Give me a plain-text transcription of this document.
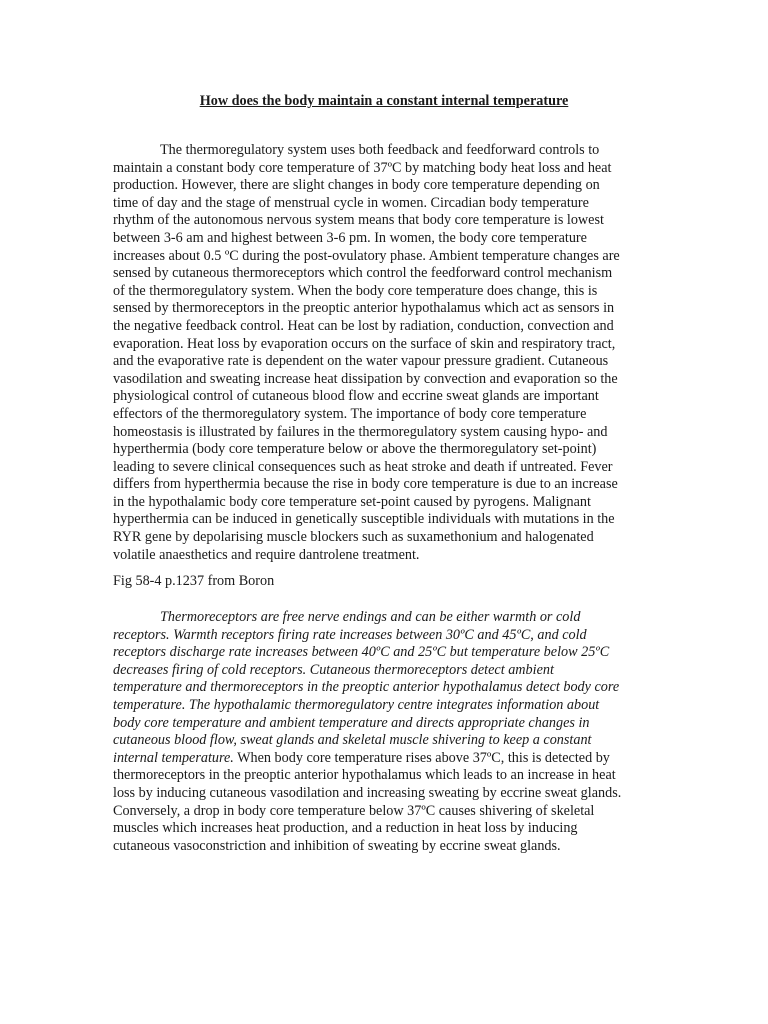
How does the body maintain a constant internal temperature
The thermoregulatory system uses both feedback and feedforward controls to
maintain a constant body core temperature of 37ºC by matching body heat loss and heat
production. However, there are slight changes in body core temperature depending on
time of day and the stage of menstrual cycle in women. Circadian body temperature
rhythm of the autonomous nervous system means that body core temperature is lowest
between 3-6 am and highest between 3-6 pm. In women, the body core temperature
increases about 0.5 ºC during the post-ovulatory phase. Ambient temperature changes are
sensed by cutaneous thermoreceptors which control the feedforward control mechanism
of the thermoregulatory system. When the body core temperature does change, this is
sensed by thermoreceptors in the preoptic anterior hypothalamus which act as sensors in
the negative feedback control. Heat can be lost by radiation, conduction, convection and
evaporation. Heat loss by evaporation occurs on the surface of skin and respiratory tract,
and the evaporative rate is dependent on the water vapour pressure gradient. Cutaneous
vasodilation and sweating increase heat dissipation by convection and evaporation so the
physiological control of cutaneous blood flow and eccrine sweat glands are important
effectors of the thermoregulatory system. The importance of body core temperature
homeostasis is illustrated by failures in the thermoregulatory system causing hypo- and
hyperthermia (body core temperature below or above the thermoregulatory set-point)
leading to severe clinical consequences such as heat stroke and death if untreated. Fever
differs from hyperthermia because the rise in body core temperature is due to an increase
in the hypothalamic body core temperature set-point caused by pyrogens. Malignant
hyperthermia can be induced in genetically susceptible individuals with mutations in the
RYR gene by depolarising muscle blockers such as suxamethonium and halogenated
volatile anaesthetics and require dantrolene treatment.
Fig 58-4 p.1237 from Boron
Thermoreceptors are free nerve endings and can be either warmth or cold
receptors. Warmth receptors firing rate increases between 30ºC and 45ºC, and cold
receptors discharge rate increases between 40ºC and 25ºC but temperature below 25ºC
decreases firing of cold receptors. Cutaneous thermoreceptors detect ambient
temperature and thermoreceptors in the preoptic anterior hypothalamus detect body core
temperature. The hypothalamic thermoregulatory centre integrates information about
body core temperature and ambient temperature and directs appropriate changes in
cutaneous blood flow, sweat glands and skeletal muscle shivering to keep a constant
internal temperature. When body core temperature rises above 37ºC, this is detected by
thermoreceptors in the preoptic anterior hypothalamus which leads to an increase in heat
loss by inducing cutaneous vasodilation and increasing sweating by eccrine sweat glands.
Conversely, a drop in body core temperature below 37ºC causes shivering of skeletal
muscles which increases heat production, and a reduction in heat loss by inducing
cutaneous vasoconstriction and inhibition of sweating by eccrine sweat glands.
